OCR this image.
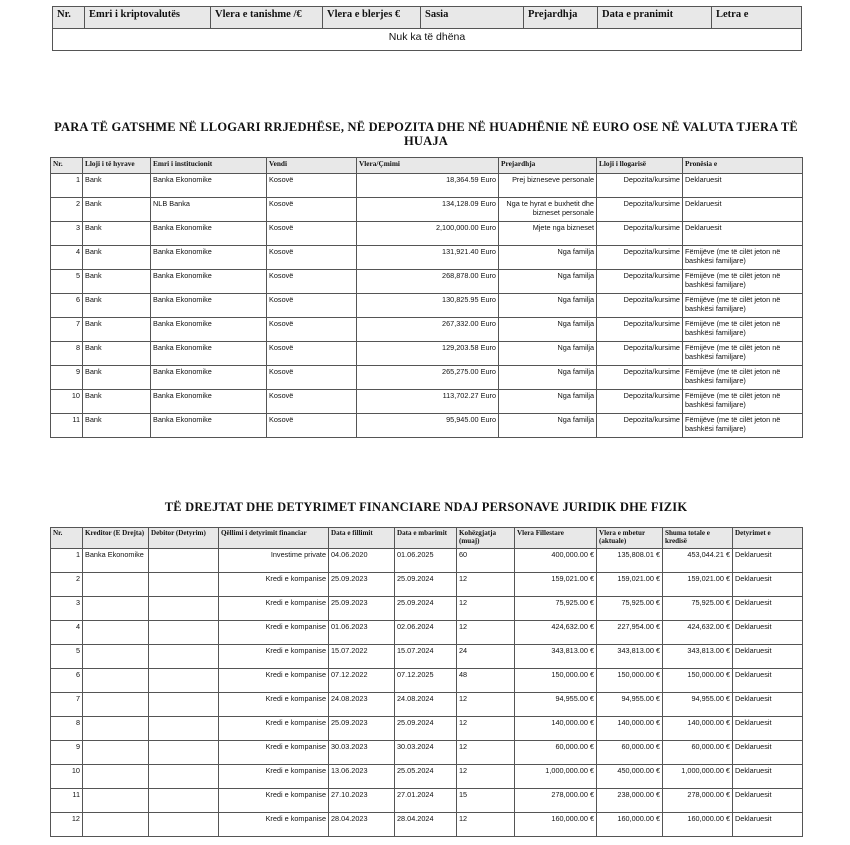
Nr.	Emri i kriptovalutës	Vlera e tanishme /€	Vlera e blerjes €	Sasia	Prejardhja	Data e pranimit	Letra e
Nuk ka të dhëna
PARA TË GATSHME NË LLOGARI RRJEDHËSE, NË DEPOZITA DHE NË HUADHËNIE NË EURO OSE NË VALUTA TJERA TË HUAJA
Nr.	Lloji i të hyrave	Emri i institucionit	Vendi	Vlera/Çmimi	Prejardhja	Lloji i llogarisë	Pronësia e
1	Bank	Banka Ekonomike	Kosovë	18,364.59 Euro	Prej bizneseve personale	Depozita/kursime	Deklaruesit
2	Bank	NLB Banka	Kosovë	134,128.09 Euro	Nga te hyrat e buxhetit dhe bizneset personale	Depozita/kursime	Deklaruesit
3	Bank	Banka Ekonomike	Kosovë	2,100,000.00 Euro	Mjete nga bizneset	Depozita/kursime	Deklaruesit
4	Bank	Banka Ekonomike	Kosovë	131,921.40 Euro	Nga familja	Depozita/kursime	Fëmijëve (me të cilët jeton në bashkësi familjare)
5	Bank	Banka Ekonomike	Kosovë	268,878.00 Euro	Nga familja	Depozita/kursime	Fëmijëve (me të cilët jeton në bashkësi familjare)
6	Bank	Banka Ekonomike	Kosovë	130,825.95 Euro	Nga familja	Depozita/kursime	Fëmijëve (me të cilët jeton në bashkësi familjare)
7	Bank	Banka Ekonomike	Kosovë	267,332.00 Euro	Nga familja	Depozita/kursime	Fëmijëve (me të cilët jeton në bashkësi familjare)
8	Bank	Banka Ekonomike	Kosovë	129,203.58 Euro	Nga familja	Depozita/kursime	Fëmijëve (me të cilët jeton në bashkësi familjare)
9	Bank	Banka Ekonomike	Kosovë	265,275.00 Euro	Nga familja	Depozita/kursime	Fëmijëve (me të cilët jeton në bashkësi familjare)
10	Bank	Banka Ekonomike	Kosovë	113,702.27 Euro	Nga familja	Depozita/kursime	Fëmijëve (me të cilët jeton në bashkësi familjare)
11	Bank	Banka Ekonomike	Kosovë	95,945.00 Euro	Nga familja	Depozita/kursime	Fëmijëve (me të cilët jeton në bashkësi familjare)
TË DREJTAT DHE DETYRIMET FINANCIARE NDAJ PERSONAVE JURIDIK DHE FIZIK
Nr.	Kreditor (E Drejta)	Debitor (Detyrim)	Qëllimi i detyrimit financiar	Data e fillimit	Data e mbarimit	Kohëzgjatja (muaj)	Vlera Fillestare	Vlera e mbetur (aktuale)	Shuma totale e kredisë	Detyrimet e
1	Banka Ekonomike		Investime private	04.06.2020	01.06.2025	60	400,000.00 €	135,808.01 €	453,044.21 €	Deklaruesit
2			Kredi e kompanise	25.09.2023	25.09.2024	12	159,021.00 €	159,021.00 €	159,021.00 €	Deklaruesit
3			Kredi e kompanise	25.09.2023	25.09.2024	12	75,925.00 €	75,925.00 €	75,925.00 €	Deklaruesit
4			Kredi e kompanise	01.06.2023	02.06.2024	12	424,632.00 €	227,954.00 €	424,632.00 €	Deklaruesit
5			Kredi e kompanise	15.07.2022	15.07.2024	24	343,813.00 €	343,813.00 €	343,813.00 €	Deklaruesit
6			Kredi e kompanise	07.12.2022	07.12.2025	48	150,000.00 €	150,000.00 €	150,000.00 €	Deklaruesit
7			Kredi e kompanise	24.08.2023	24.08.2024	12	94,955.00 €	94,955.00 €	94,955.00 €	Deklaruesit
8			Kredi e kompanise	25.09.2023	25.09.2024	12	140,000.00 €	140,000.00 €	140,000.00 €	Deklaruesit
9			Kredi e kompanise	30.03.2023	30.03.2024	12	60,000.00 €	60,000.00 €	60,000.00 €	Deklaruesit
10			Kredi e kompanise	13.06.2023	25.05.2024	12	1,000,000.00 €	450,000.00 €	1,000,000.00 €	Deklaruesit
11			Kredi e kompanise	27.10.2023	27.01.2024	15	278,000.00 €	238,000.00 €	278,000.00 €	Deklaruesit
12			Kredi e kompanise	28.04.2023	28.04.2024	12	160,000.00 €	160,000.00 €	160,000.00 €	Deklaruesit
